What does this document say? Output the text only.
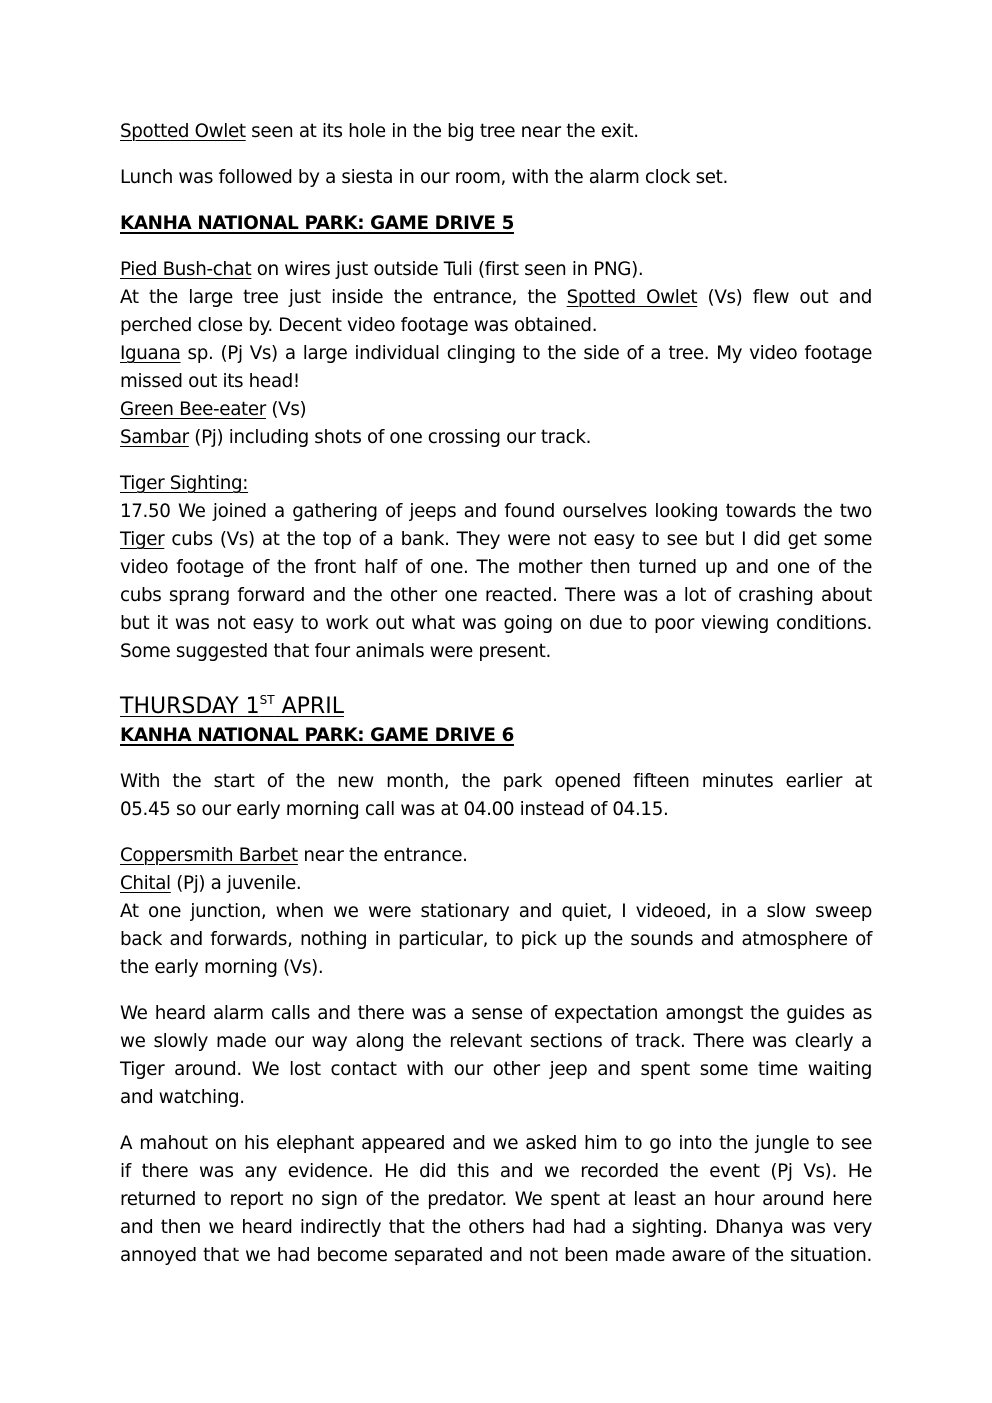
Spotted Owlet seen at its hole in the big tree near the exit.

Lunch was followed by a siesta in our room, with the alarm clock set.

KANHA NATIONAL PARK: GAME DRIVE 5

Pied Bush-chat on wires just outside Tuli (first seen in PNG).
At the large tree just inside the entrance, the Spotted Owlet (Vs) flew out and
perched close by. Decent video footage was obtained.
Iguana sp. (Pj Vs) a large individual clinging to the side of a tree. My video footage
missed out its head!
Green Bee-eater (Vs)
Sambar (Pj) including shots of one crossing our track.

Tiger Sighting:
17.50 We joined a gathering of jeeps and found ourselves looking towards the two
Tiger cubs (Vs) at the top of a bank. They were not easy to see but I did get some
video footage of the front half of one. The mother then turned up and one of the
cubs sprang forward and the other one reacted. There was a lot of crashing about
but it was not easy to work out what was going on due to poor viewing conditions.
Some suggested that four animals were present.

THURSDAY 1ST APRIL

KANHA NATIONAL PARK: GAME DRIVE 6

With the start of the new month, the park opened fifteen minutes earlier at
05.45 so our early morning call was at 04.00 instead of 04.15.

Coppersmith Barbet near the entrance.
Chital (Pj) a juvenile.
At one junction, when we were stationary and quiet, I videoed, in a slow sweep
back and forwards, nothing in particular, to pick up the sounds and atmosphere of
the early morning (Vs).

We heard alarm calls and there was a sense of expectation amongst the guides as
we slowly made our way along the relevant sections of track. There was clearly a
Tiger around. We lost contact with our other jeep and spent some time waiting
and watching.

A mahout on his elephant appeared and we asked him to go into the jungle to see
if there was any evidence. He did this and we recorded the event (Pj Vs). He
returned to report no sign of the predator. We spent at least an hour around here
and then we heard indirectly that the others had had a sighting. Dhanya was very
annoyed that we had become separated and not been made aware of the situation.
